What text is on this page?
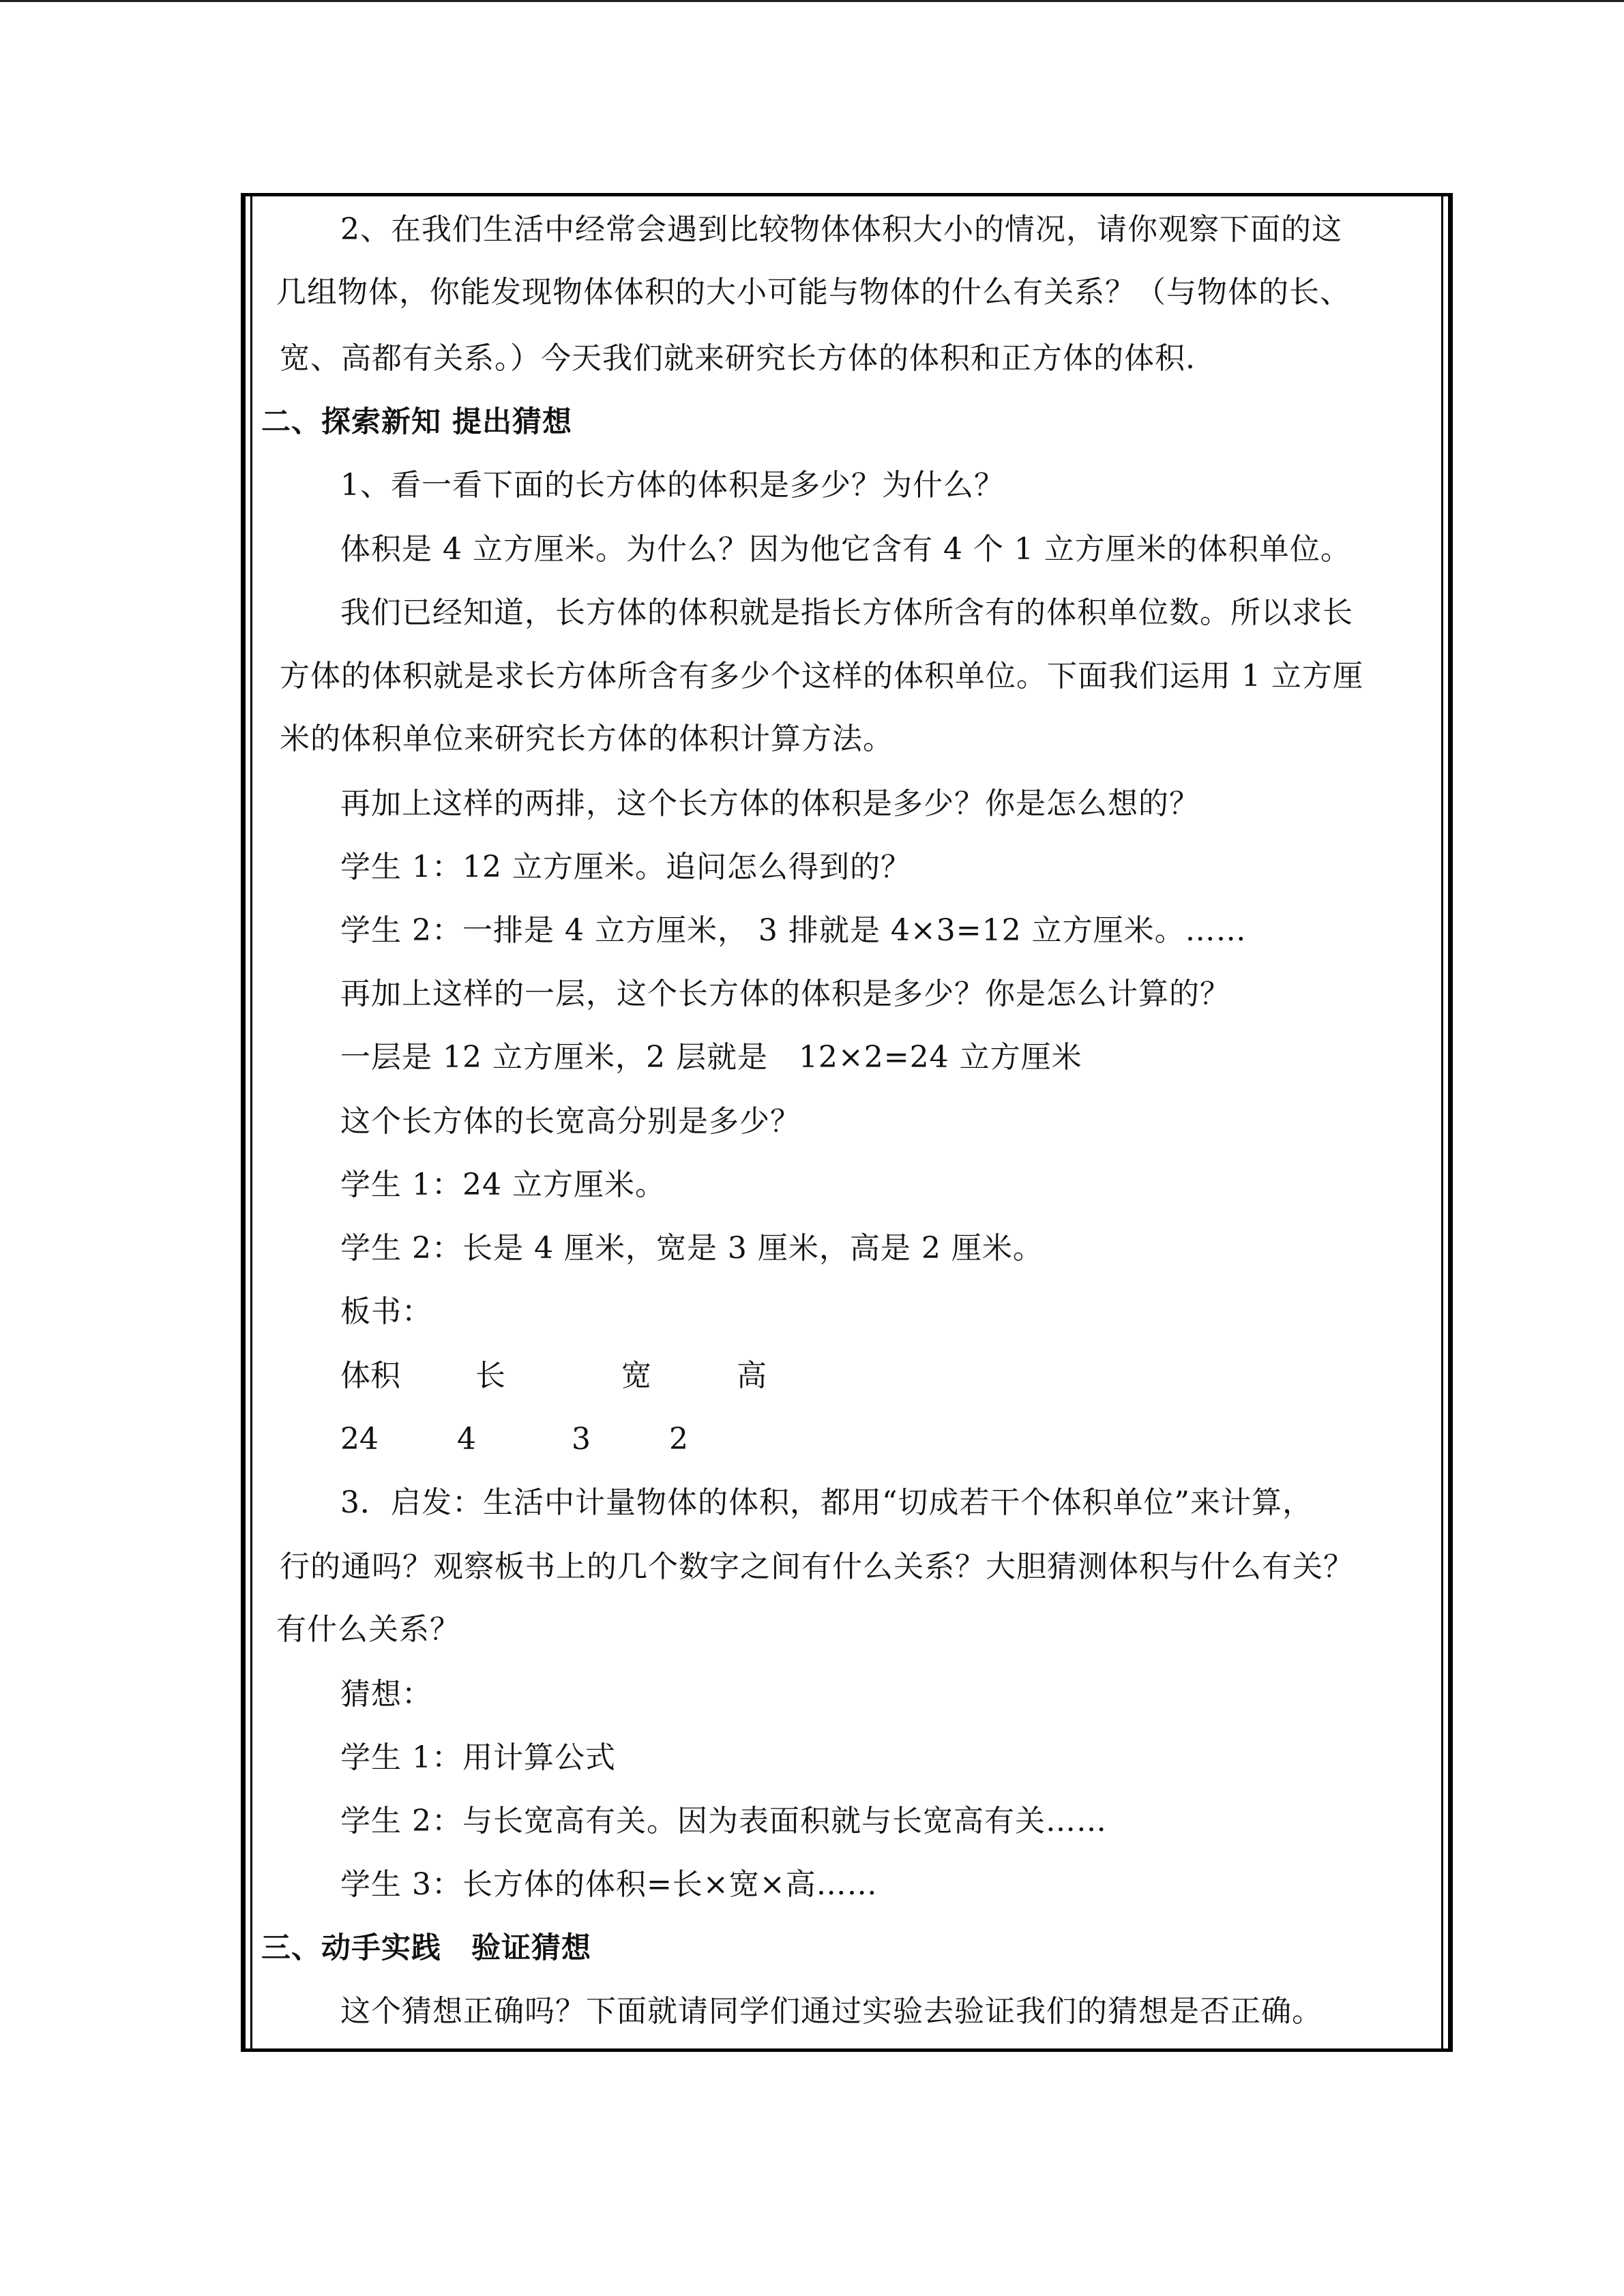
2、在我们生活中经常会遇到比较物体体积大小的情况，请你观察下面的这
几组物体，你能发现物体体积的大小可能与物体的什么有关系？（与物体的长、
宽、高都有关系。）今天我们就来研究长方体的体积和正方体的体积.
二、探索新知 提出猜想
1、看一看下面的长方体的体积是多少？为什么？
体积是 4 立方厘米。为什么？因为他它含有 4 个 1 立方厘米的体积单位。
我们已经知道，长方体的体积就是指长方体所含有的体积单位数。所以求长
方体的体积就是求长方体所含有多少个这样的体积单位。下面我们运用 1 立方厘
米的体积单位来研究长方体的体积计算方法。
再加上这样的两排，这个长方体的体积是多少？你是怎么想的？
学生 1：12 立方厘米。追问怎么得到的？
学生 2：一排是 4 立方厘米， 3 排就是 4×3=12 立方厘米。……
再加上这样的一层，这个长方体的体积是多少？你是怎么计算的？
一层是 12 立方厘米，2 层就是　12×2=24 立方厘米
这个长方体的长宽高分别是多少？
学生 1：24 立方厘米。
学生 2：长是 4 厘米，宽是 3 厘米，高是 2 厘米。
板书：
体积	长	宽	高
24	4	3	2
3．启发：生活中计量物体的体积，都用“切成若干个体积单位”来计算，
行的通吗？观察板书上的几个数字之间有什么关系？大胆猜测体积与什么有关？
有什么关系？
猜想：
学生 1：用计算公式
学生 2：与长宽高有关。因为表面积就与长宽高有关……
学生 3：长方体的体积=长×宽×高……
三、动手实践　验证猜想
这个猜想正确吗？下面就请同学们通过实验去验证我们的猜想是否正确。
